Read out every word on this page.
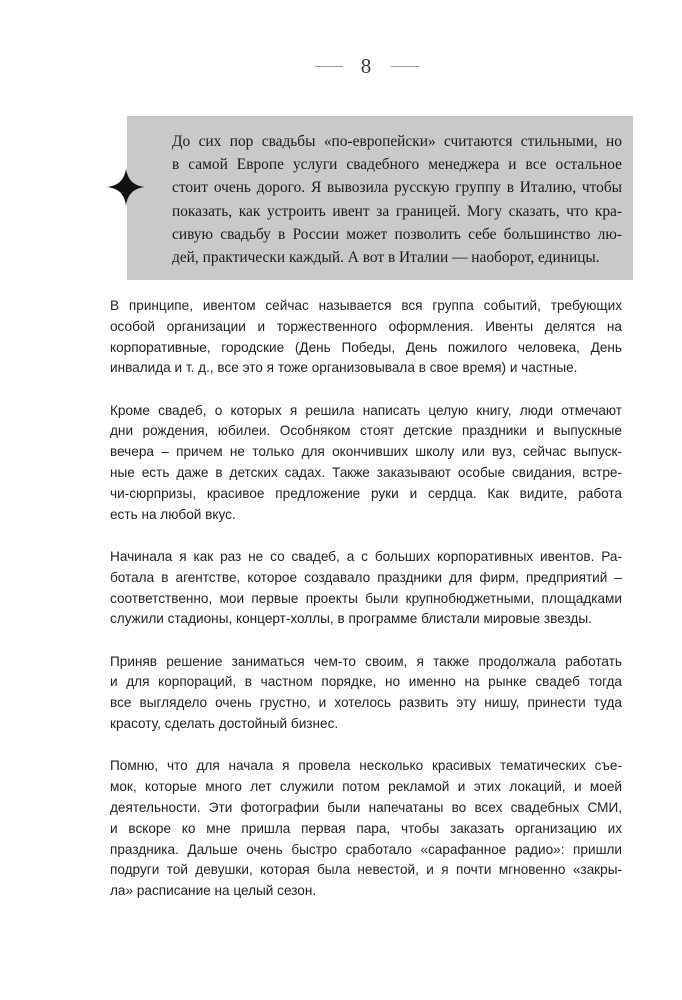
8
До сих пор свадьбы «по-европейски» считаются стильными, но
в самой Европе услуги свадебного менеджера и все остальное
стоит очень дорого. Я вывозила русскую группу в Италию, чтобы
показать, как устроить ивент за границей. Могу сказать, что кра-
сивую свадьбу в России может позволить себе большинство лю-
дей, практически каждый. А вот в Италии — наоборот, единицы.
В принципе, ивентом сейчас называется вся группа событий, требующих
особой организации и торжественного оформления. Ивенты делятся на
корпоративные, городские (День Победы, День пожилого человека, День
инвалида и т. д., все это я тоже организовывала в свое время) и частные.
Кроме свадеб, о которых я решила написать целую книгу, люди отмечают
дни рождения, юбилеи. Особняком стоят детские праздники и выпускные
вечера – причем не только для окончивших школу или вуз, сейчас выпуск-
ные есть даже в детских садах. Также заказывают особые свидания, встре-
чи-сюрпризы, красивое предложение руки и сердца. Как видите, работа
есть на любой вкус.
Начинала я как раз не со свадеб, а с больших корпоративных ивентов. Ра-
ботала в агентстве, которое создавало праздники для фирм, предприятий –
соответственно, мои первые проекты были крупнобюджетными, площадками
служили стадионы, концерт-холлы, в программе блистали мировые звезды.
Приняв решение заниматься чем-то своим, я также продолжала работать
и для корпораций, в частном порядке, но именно на рынке свадеб тогда
все выглядело очень грустно, и хотелось развить эту нишу, принести туда
красоту, сделать достойный бизнес.
Помню, что для начала я провела несколько красивых тематических съе-
мок, которые много лет служили потом рекламой и этих локаций, и моей
деятельности. Эти фотографии были напечатаны во всех свадебных СМИ,
и вскоре ко мне пришла первая пара, чтобы заказать организацию их
праздника. Дальше очень быстро сработало «сарафанное радио»: пришли
подруги той девушки, которая была невестой, и я почти мгновенно «закры-
ла» расписание на целый сезон.
